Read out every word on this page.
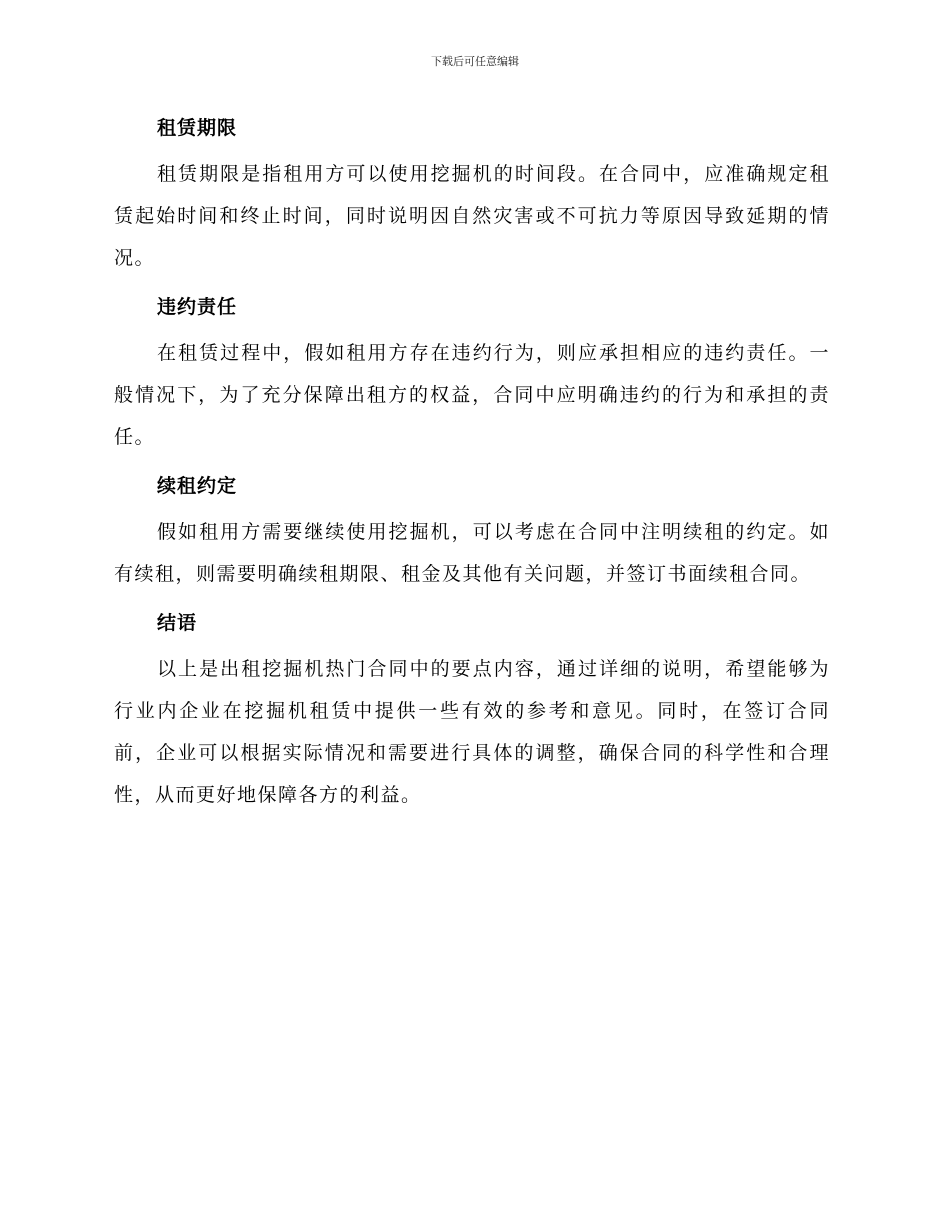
下载后可任意编辑
租赁期限

租赁期限是指租用方可以使用挖掘机的时间段。在合同中，应准确规定租赁起始时间和终止时间，同时说明因自然灾害或不可抗力等原因导致延期的情况。

违约责任

在租赁过程中，假如租用方存在违约行为，则应承担相应的违约责任。一般情况下，为了充分保障出租方的权益，合同中应明确违约的行为和承担的责任。

续租约定

假如租用方需要继续使用挖掘机，可以考虑在合同中注明续租的约定。如有续租，则需要明确续租期限、租金及其他有关问题，并签订书面续租合同。

结语

以上是出租挖掘机热门合同中的要点内容，通过详细的说明，希望能够为行业内企业在挖掘机租赁中提供一些有效的参考和意见。同时，在签订合同前，企业可以根据实际情况和需要进行具体的调整，确保合同的科学性和合理性，从而更好地保障各方的利益。
